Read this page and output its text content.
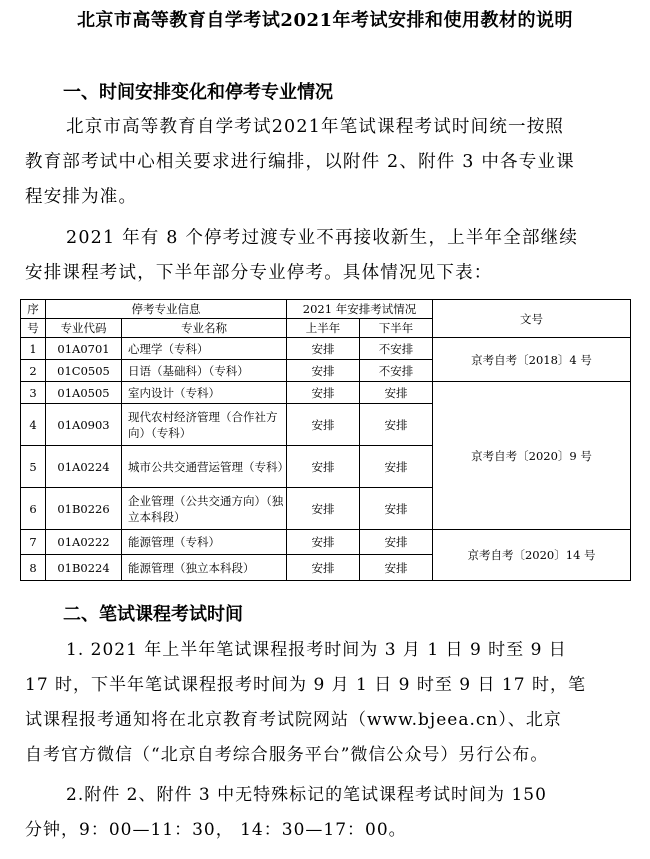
北京市高等教育自学考试2021年考试安排和使用教材的说明
一、时间安排变化和停考专业情况
北京市高等教育自学考试2021年笔试课程考试时间统一按照
教育部考试中心相关要求进行编排，以附件 2、附件 3 中各专业课
程安排为准。
2021 年有 8 个停考过渡专业不再接收新生，上半年全部继续
安排课程考试，下半年部分专业停考。具体情况见下表：
序	停考专业信息		2021 年安排考试情况		文号
号	专业代码	专业名称	上半年	下半年	
1	01A0701	心理学（专科）	安排	不安排	京考自考〔2018〕4 号
2	01C0505	日语（基础科）（专科）	安排	不安排	
3	01A0505	室内设计（专科）	安排	安排	京考自考〔2020〕9 号
4	01A0903	现代农村经济管理（合作社方向）（专科）	安排	安排	
5	01A0224	城市公共交通营运管理（专科）	安排	安排	
6	01B0226	企业管理（公共交通方向）（独立本科段）	安排	安排	
7	01A0222	能源管理（专科）	安排	安排	京考自考〔2020〕14 号
8	01B0224	能源管理（独立本科段）	安排	安排	
二、笔试课程考试时间
1. 2021 年上半年笔试课程报考时间为 3 月 1 日 9 时至 9 日
17 时，下半年笔试课程报考时间为 9 月 1 日 9 时至 9 日 17 时，笔
试课程报考通知将在北京教育考试院网站（www.bjeea.cn）、北京
自考官方微信（“北京自考综合服务平台”微信公众号）另行公布。
2.附件 2、附件 3 中无特殊标记的笔试课程考试时间为 150
分钟，9：00—11：30， 14：30—17：00。
